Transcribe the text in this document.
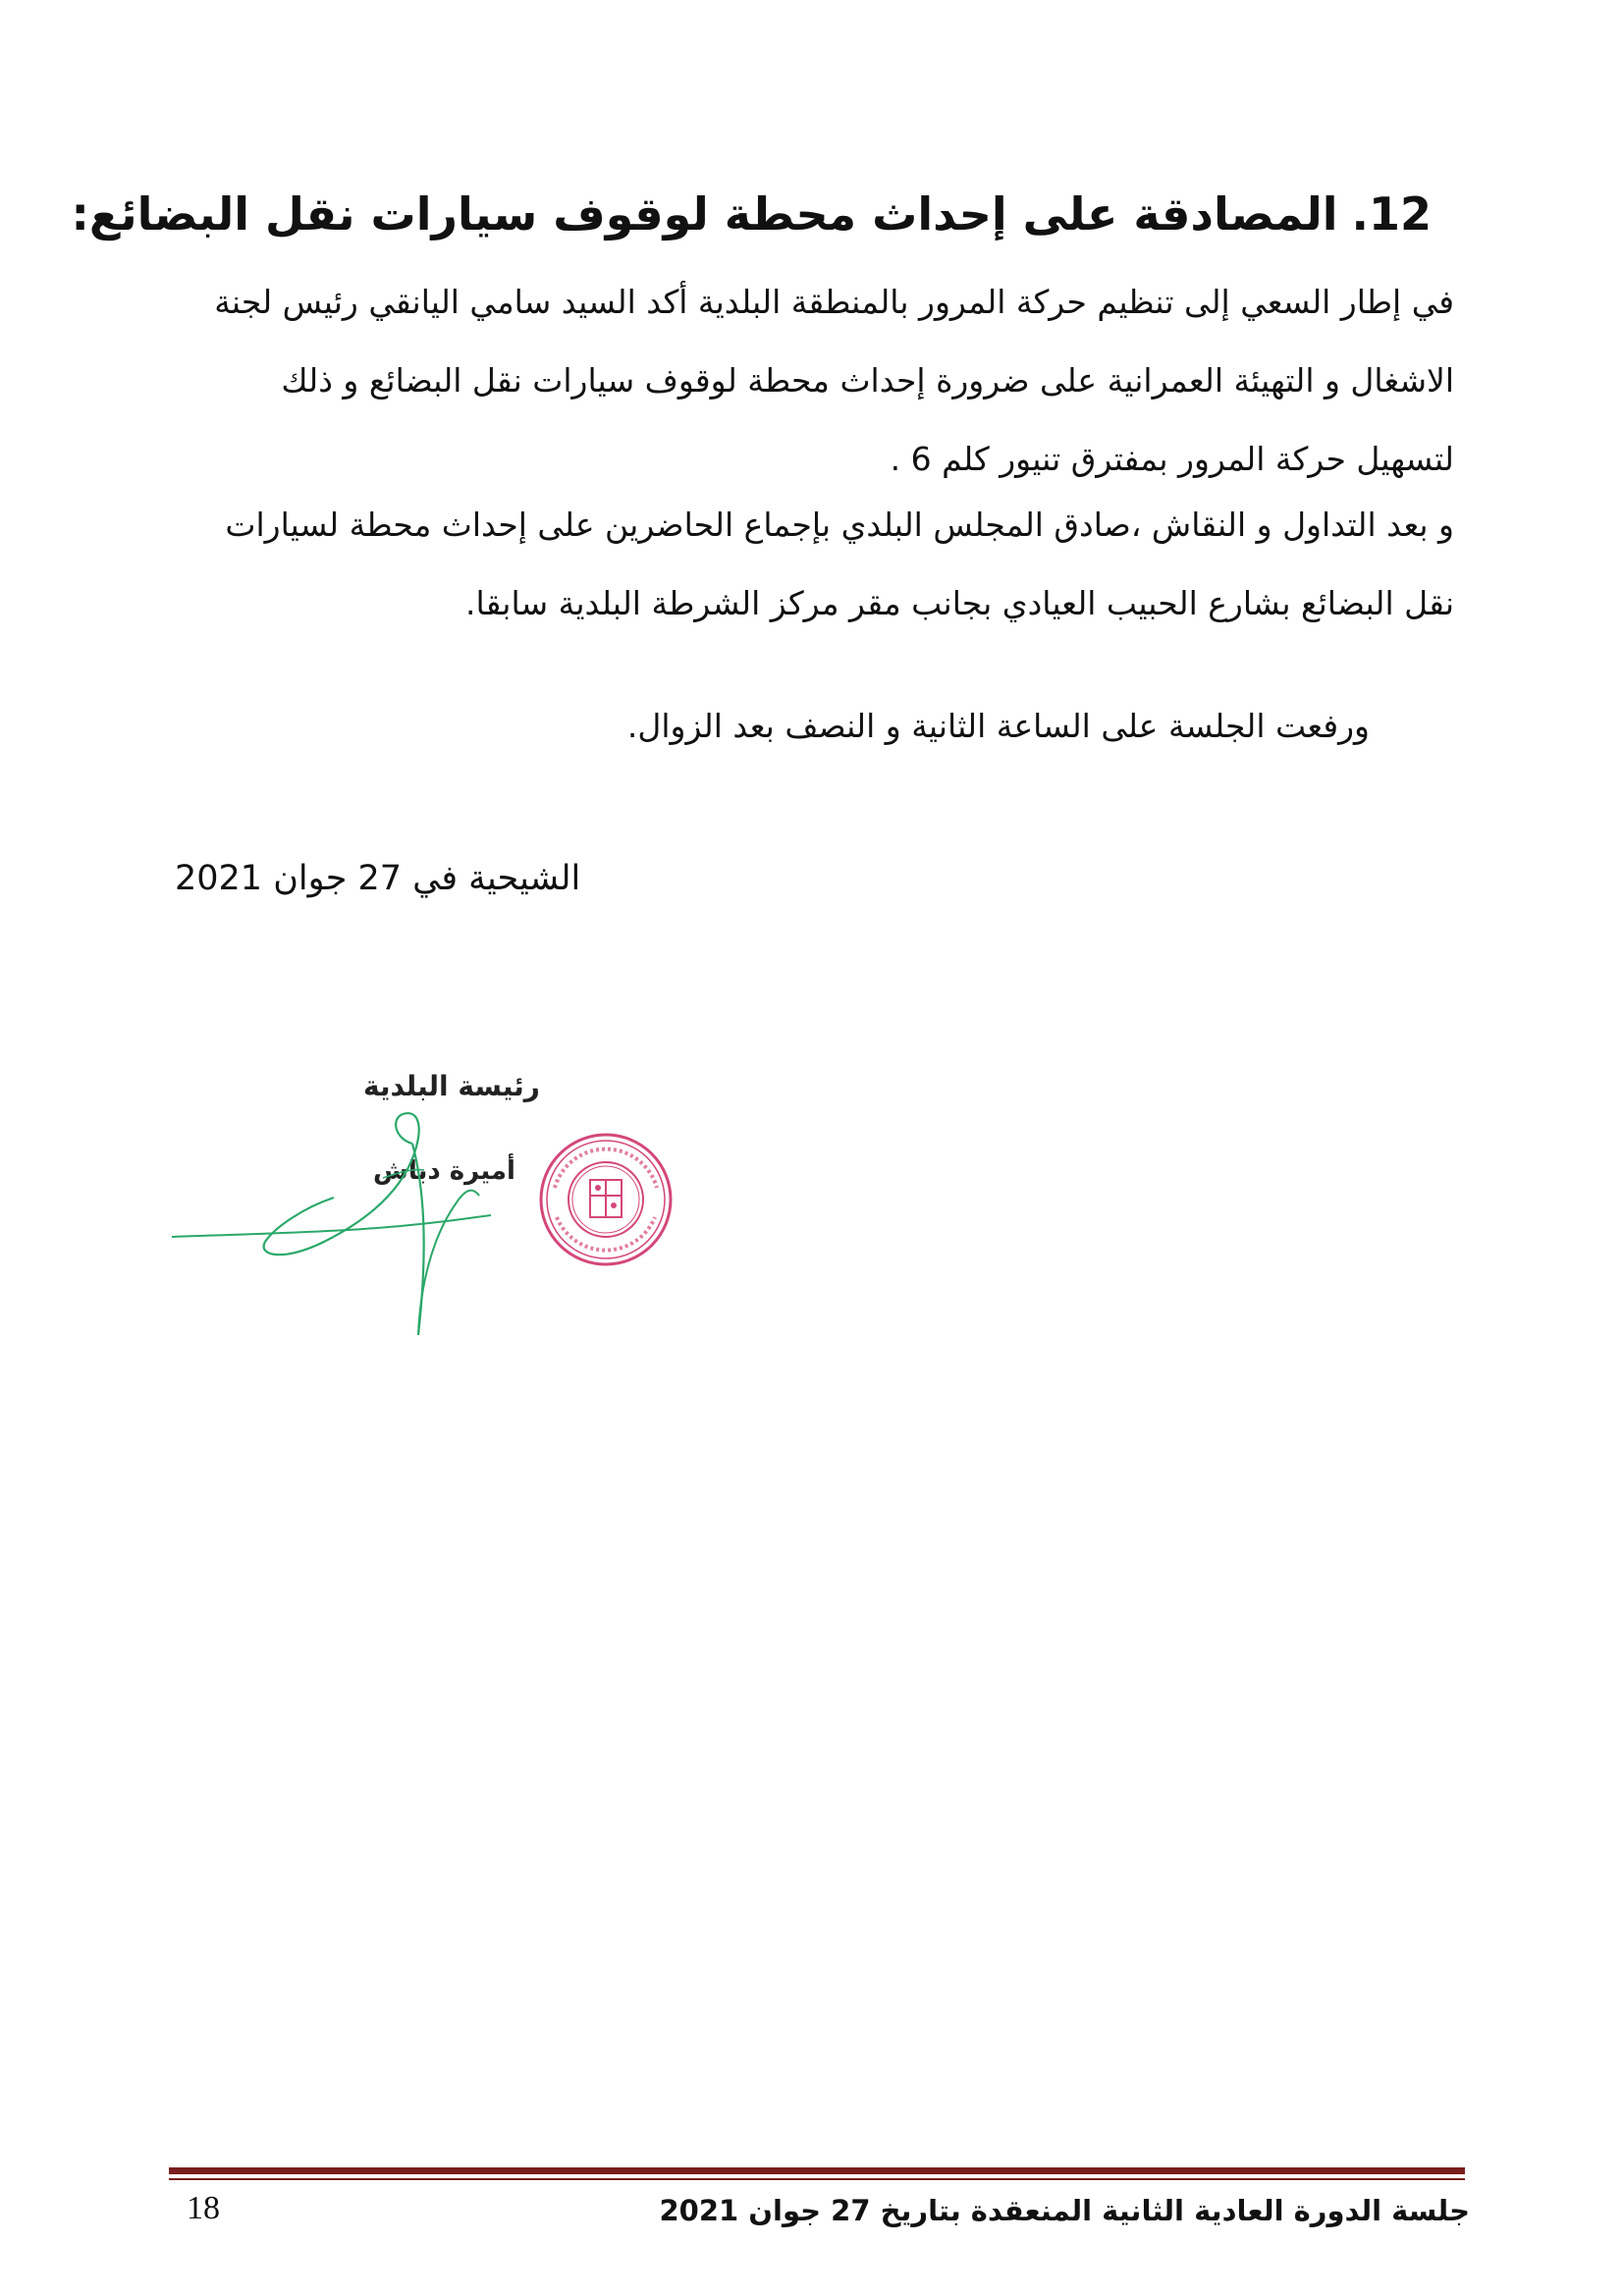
12.المصادقة على إحداث محطة لوقوف سيارات نقل البضائع:
في إطار السعي إلى تنظيم حركة المرور بالمنطقة البلدية أكد السيد سامي اليانقي رئيس لجنة
الاشغال و التهيئة العمرانية على ضرورة إحداث محطة لوقوف سيارات نقل البضائع و ذلك
لتسهيل حركة المرور بمفترق تنيور كلم 6 .
و بعد التداول و النقاش ،صادق المجلس البلدي بإجماع الحاضرين على إحداث محطة لسيارات
نقل البضائع بشارع الحبيب العيادي بجانب مقر مركز الشرطة البلدية سابقا.
ورفعت الجلسة على الساعة الثانية و النصف بعد الزوال.
الشيحية في 27 جوان 2021
رئيسة البلدية
أميرة دباش
جلسة الدورة العادية الثانية المنعقدة بتاريخ 27 جوان 2021
18
